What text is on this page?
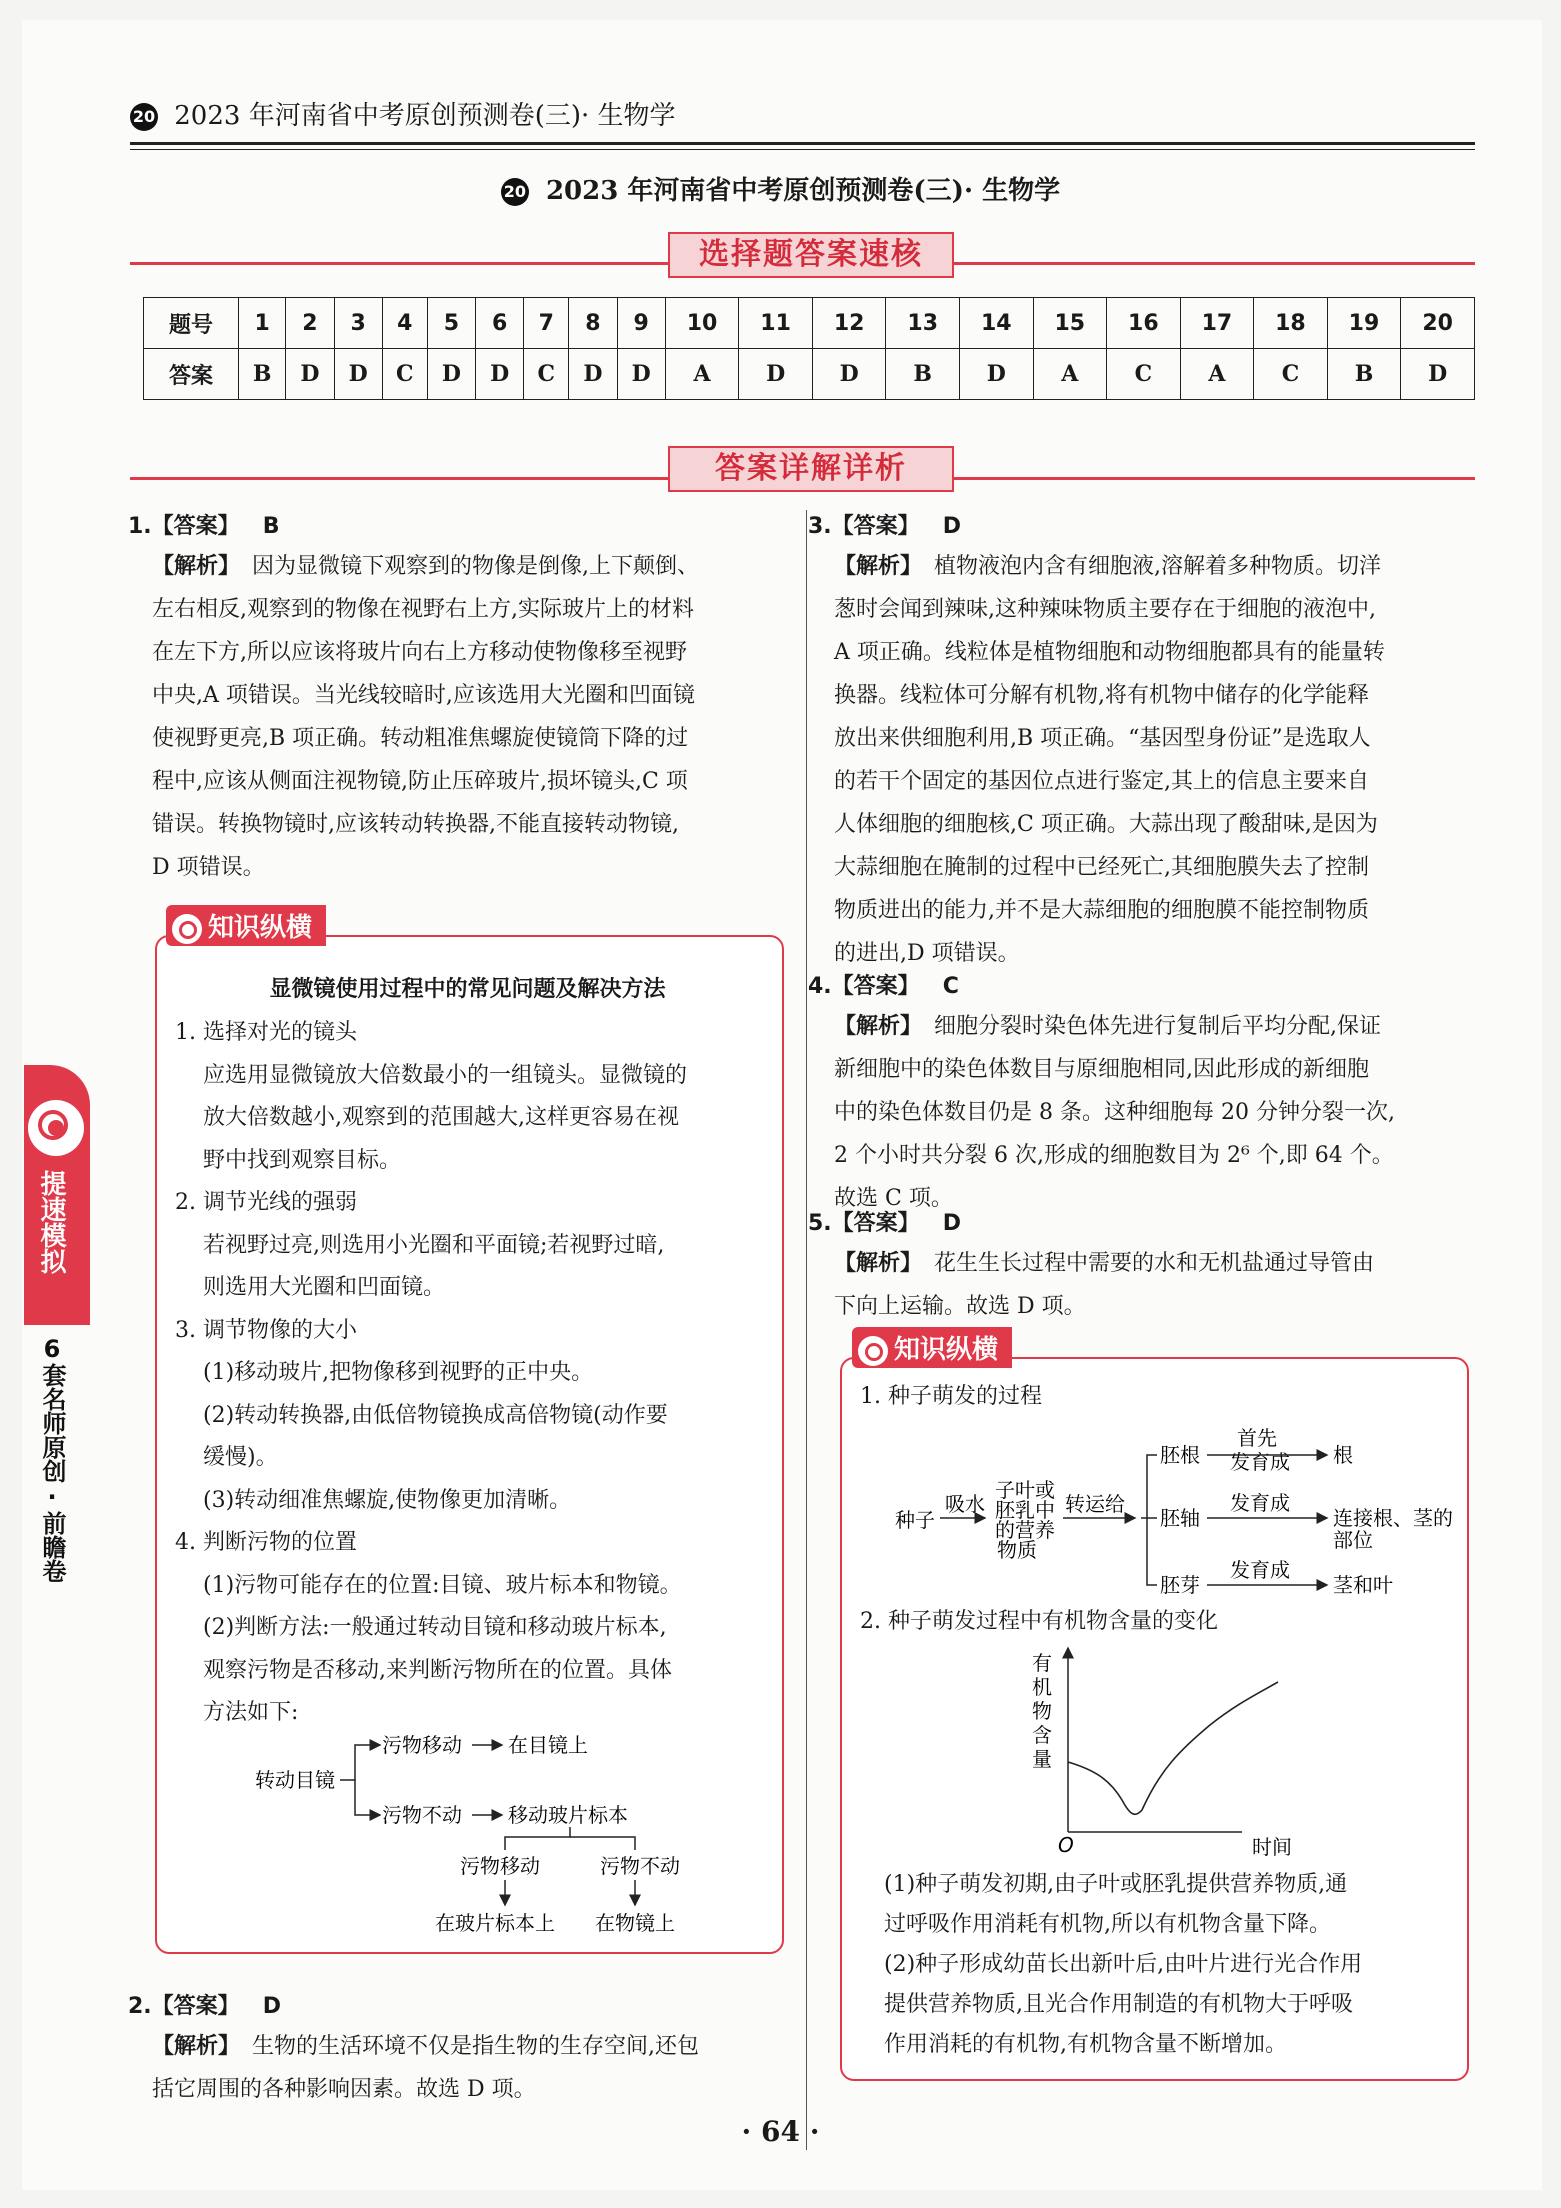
20 2023 年河南省中考原创预测卷(三)· 生物学
20 2023 年河南省中考原创预测卷(三)· 生物学
选择题答案速核
题号	1	2	3	4	5	6	7	8	9	10	11	12	13	14	15	16	17	18	19	20
答案	B	D	D	C	D	D	C	D	D	A	D	D	B	D	A	C	A	C	B	D
答案详解详析
提速模拟
6套名师原创·前瞻卷
1.【答案】 B
【解析】 因为显微镜下观察到的物像是倒像,上下颠倒、
左右相反,观察到的物像在视野右上方,实际玻片上的材料
在左下方,所以应该将玻片向右上方移动使物像移至视野
中央,A 项错误。当光线较暗时,应该选用大光圈和凹面镜
使视野更亮,B 项正确。转动粗准焦螺旋使镜筒下降的过
程中,应该从侧面注视物镜,防止压碎玻片,损坏镜头,C 项
错误。转换物镜时,应该转动转换器,不能直接转动物镜,
D 项错误。
知识纵横
显微镜使用过程中的常见问题及解决方法
1. 选择对光的镜头
应选用显微镜放大倍数最小的一组镜头。显微镜的
放大倍数越小,观察到的范围越大,这样更容易在视
野中找到观察目标。
2. 调节光线的强弱
若视野过亮,则选用小光圈和平面镜;若视野过暗,
则选用大光圈和凹面镜。
3. 调节物像的大小
(1)移动玻片,把物像移到视野的正中央。
(2)转动转换器,由低倍物镜换成高倍物镜(动作要
缓慢)。
(3)转动细准焦螺旋,使物像更加清晰。
4. 判断污物的位置
(1)污物可能存在的位置:目镜、玻片标本和物镜。
(2)判断方法:一般通过转动目镜和移动玻片标本,
观察污物是否移动,来判断污物所在的位置。具体
方法如下:
转动目镜
污物移动 在目镜上
污物不动 移动玻片标本
污物移动	污物不动
在玻片标本上 在物镜上
2.【答案】 D
【解析】 生物的生活环境不仅是指生物的生存空间,还包
括它周围的各种影响因素。故选 D 项。
3.【答案】 D
【解析】 植物液泡内含有细胞液,溶解着多种物质。切洋
葱时会闻到辣味,这种辣味物质主要存在于细胞的液泡中,
A 项正确。线粒体是植物细胞和动物细胞都具有的能量转
换器。线粒体可分解有机物,将有机物中储存的化学能释
放出来供细胞利用,B 项正确。“基因型身份证”是选取人
的若干个固定的基因位点进行鉴定,其上的信息主要来自
人体细胞的细胞核,C 项正确。大蒜出现了酸甜味,是因为
大蒜细胞在腌制的过程中已经死亡,其细胞膜失去了控制
物质进出的能力,并不是大蒜细胞的细胞膜不能控制物质
的进出,D 项错误。
4.【答案】 C
【解析】 细胞分裂时染色体先进行复制后平均分配,保证
新细胞中的染色体数目与原细胞相同,因此形成的新细胞
中的染色体数目仍是 8 条。这种细胞每 20 分钟分裂一次,
2 个小时共分裂 6 次,形成的细胞数目为 2⁶ 个,即 64 个。
故选 C 项。
5.【答案】 D
【解析】 花生生长过程中需要的水和无机盐通过导管由
下向上运输。故选 D 项。
知识纵横
1. 种子萌发的过程
种子
吸水
子叶或
胚乳中
的营养
物质
转运给
胚根
首先
发育成 根
胚轴
发育成
连接根、茎的
部位
胚芽
发育成
茎和叶
2. 种子萌发过程中有机物含量的变化
有
机
物
含
量
O	时间
(1)种子萌发初期,由子叶或胚乳提供营养物质,通
过呼吸作用消耗有机物,所以有机物含量下降。
(2)种子形成幼苗长出新叶后,由叶片进行光合作用
提供营养物质,且光合作用制造的有机物大于呼吸
作用消耗的有机物,有机物含量不断增加。
· 64 ·
